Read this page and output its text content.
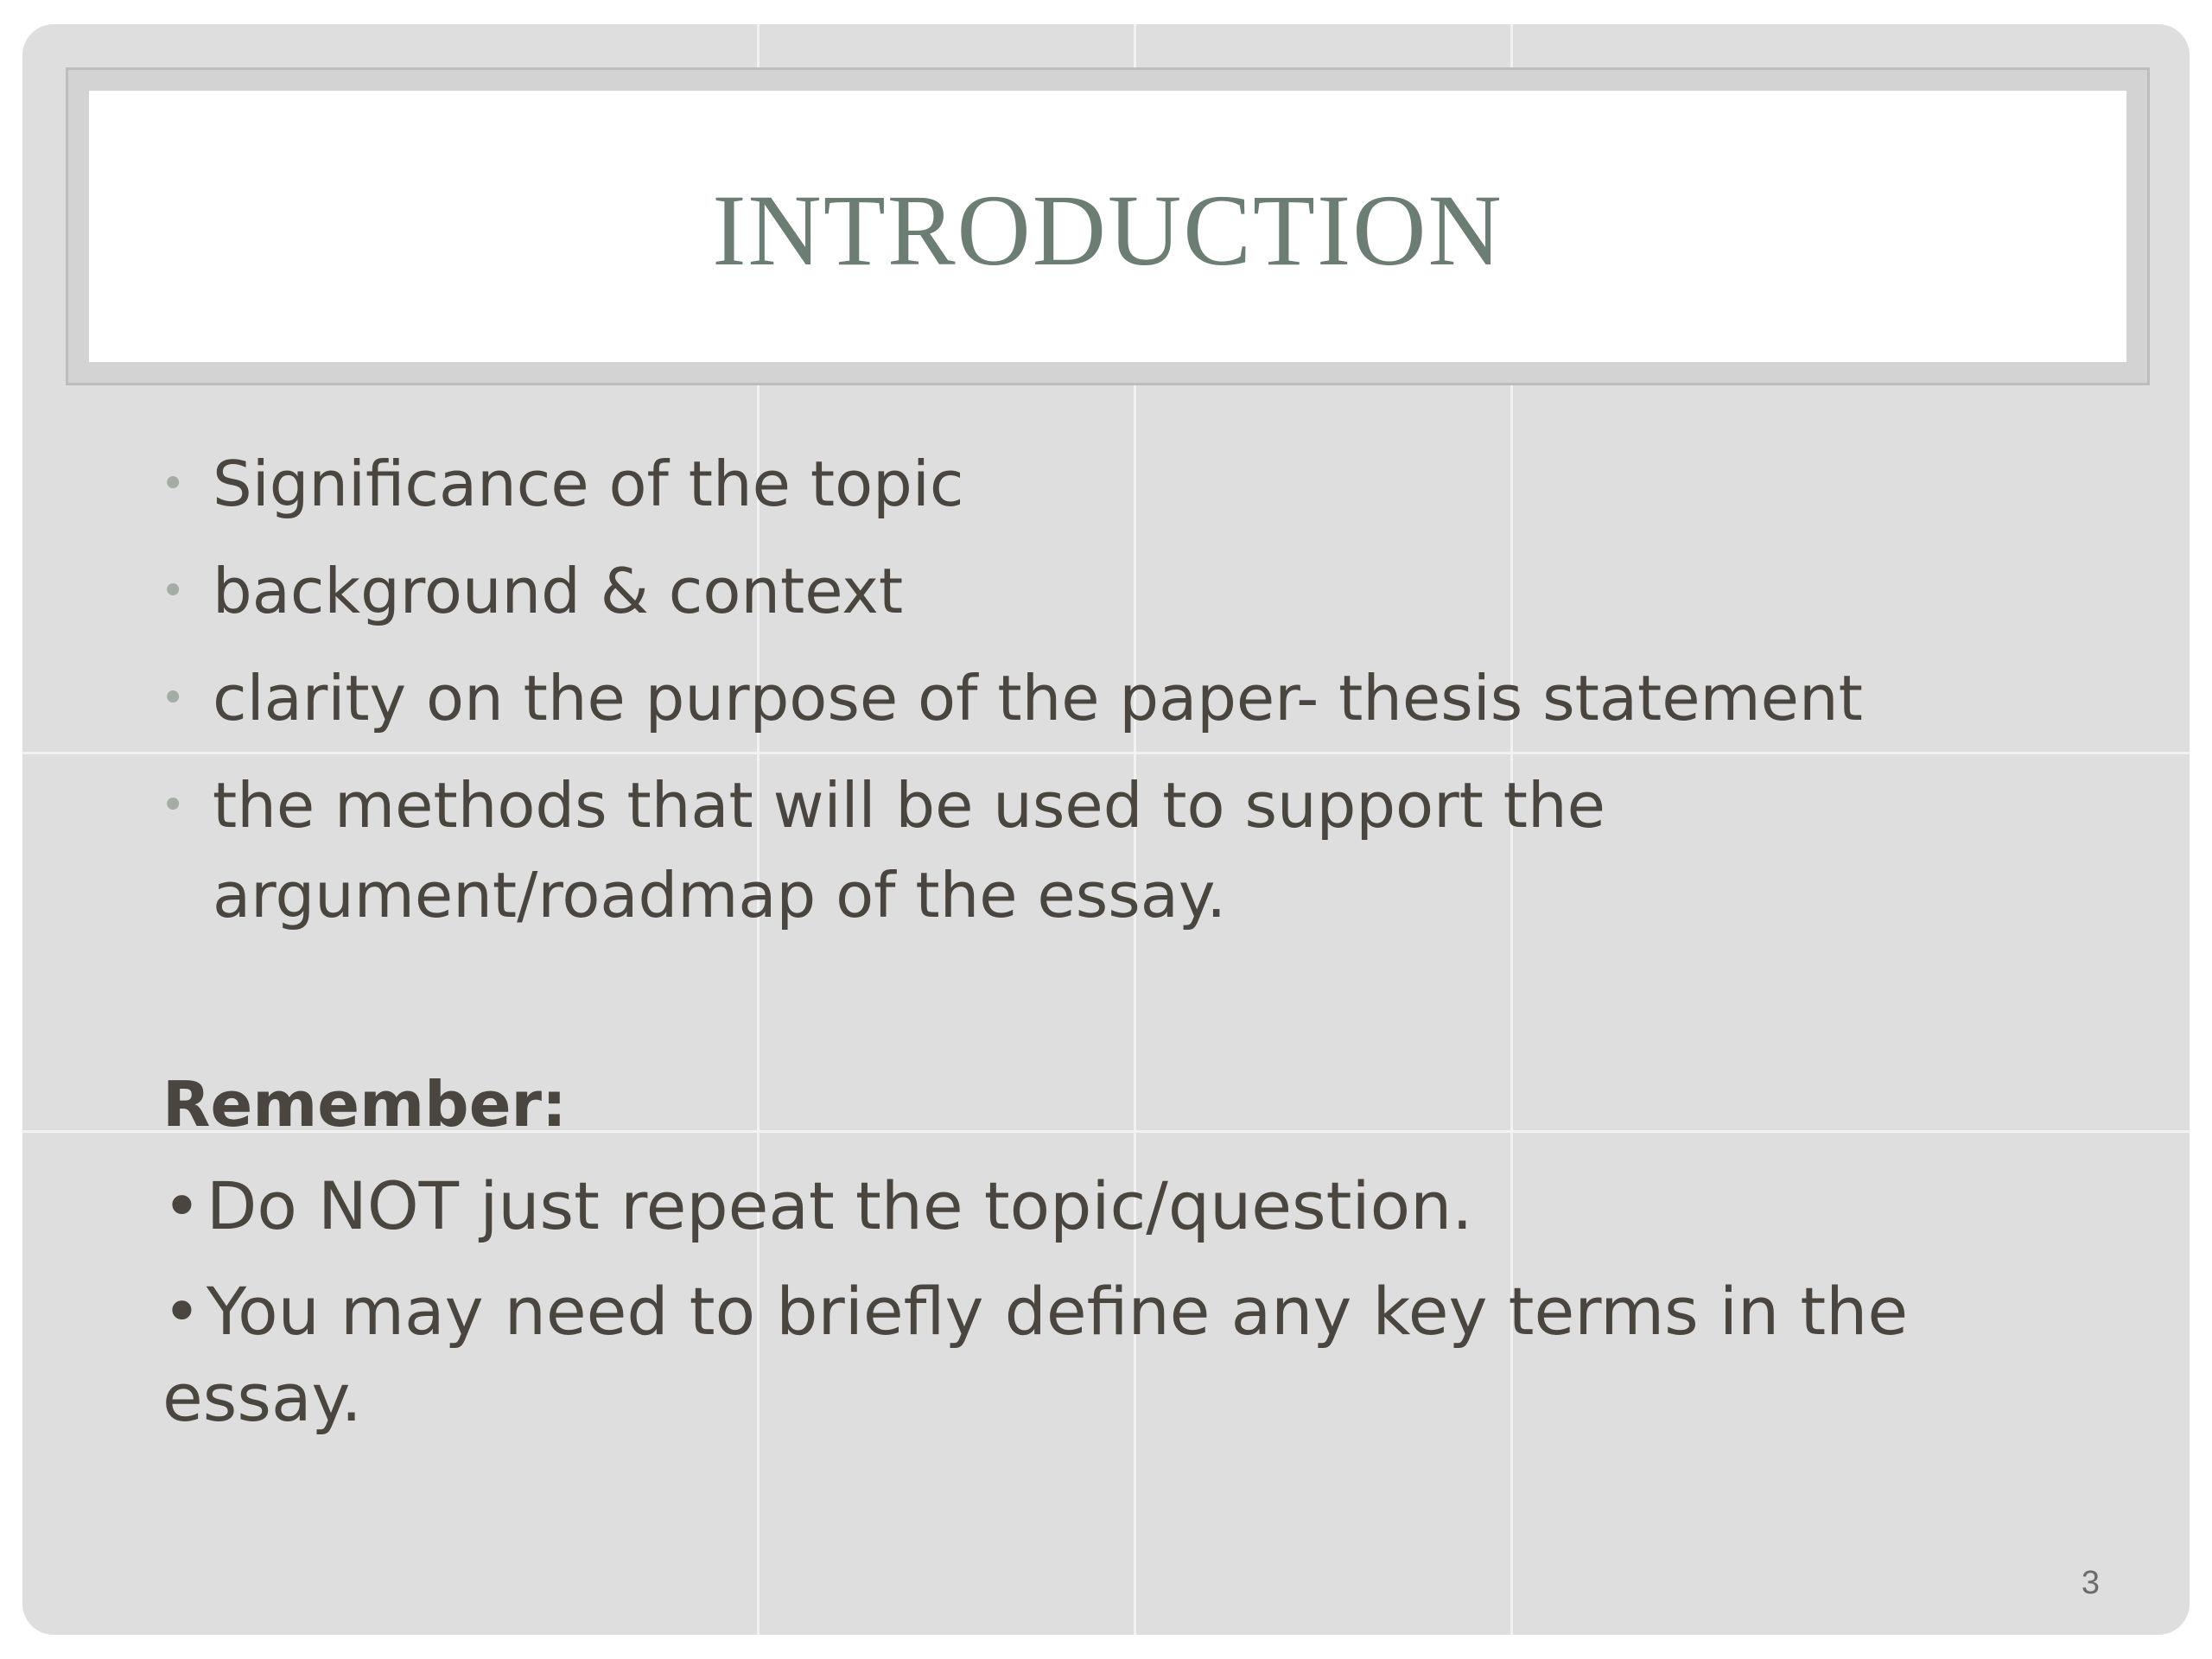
INTRODUCTION
• Significance of the topic
• background & context
• clarity on the purpose of the paper- thesis statement
• the methods that will be used to support the
argument/roadmap of the essay.
Remember:
•Do NOT just repeat the topic/question.
•You may need to briefly define any key terms in the essay.
3
